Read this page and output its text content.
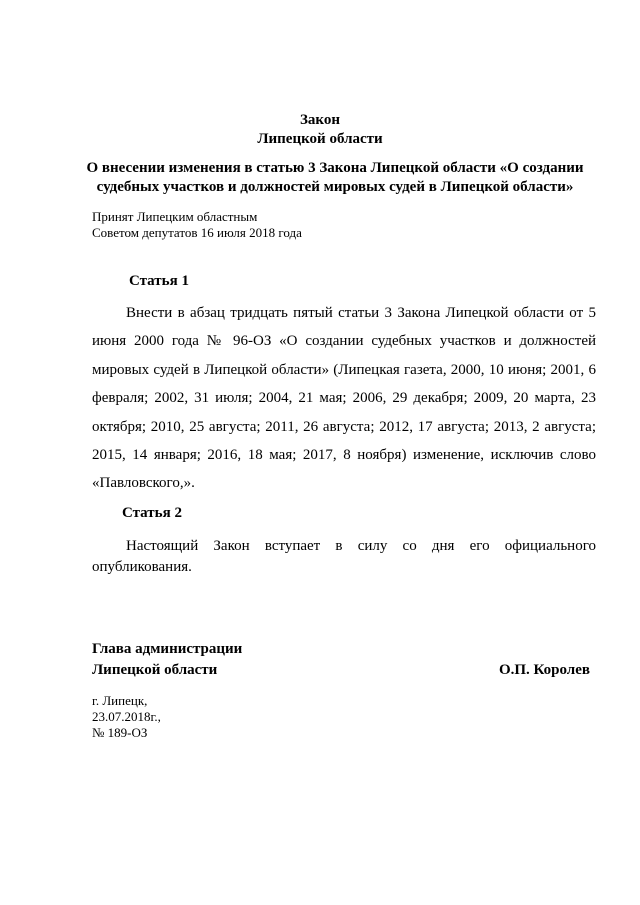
Закон
Липецкой области
О внесении изменения в статью 3 Закона Липецкой области «О создании судебных участков и должностей мировых судей в Липецкой области»
Принят Липецким областным
Советом депутатов 16 июля 2018 года
Статья 1
Внести в абзац тридцать пятый статьи 3 Закона Липецкой области от 5 июня 2000 года № 96-ОЗ «О создании судебных участков и должностей мировых судей в Липецкой области» (Липецкая газета, 2000, 10 июня; 2001, 6 февраля; 2002, 31 июля; 2004, 21 мая; 2006, 29 декабря; 2009, 20 марта, 23 октября; 2010, 25 августа; 2011, 26 августа; 2012, 17 августа; 2013, 2 августа; 2015, 14 января; 2016, 18 мая; 2017, 8 ноября) изменение, исключив слово «Павловского,».
Статья 2
Настоящий Закон вступает в силу со дня его официального опубликования.
Глава администрации
Липецкой области	О.П. Королев
г. Липецк,
23.07.2018г.,
№ 189-ОЗ
